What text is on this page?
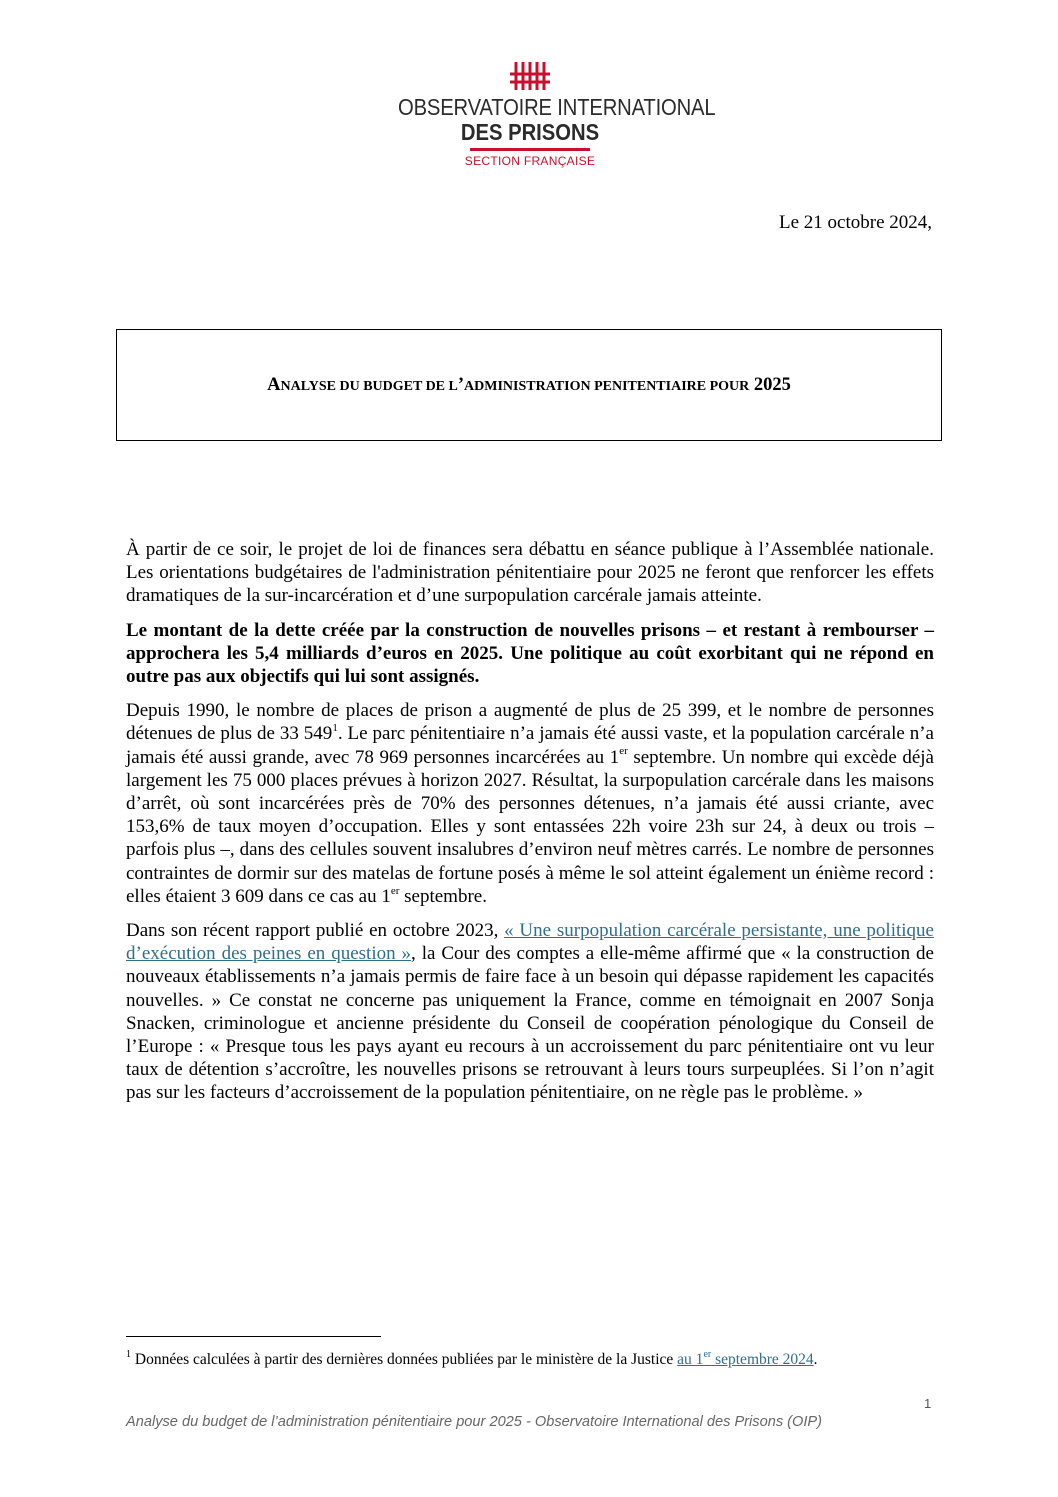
OBSERVATOIRE INTERNATIONAL
DES PRISONS
SECTION FRANÇAISE
Le 21 octobre 2024,
ANALYSE DU BUDGET DE L’ADMINISTRATION PENITENTIAIRE POUR 2025

À partir de ce soir, le projet de loi de finances sera débattu en séance publique à l’Assemblée nationale. Les orientations budgétaires de l'administration pénitentiaire pour 2025 ne feront que renforcer les effets dramatiques de la sur-incarcération et d’une surpopulation carcérale jamais atteinte.

Le montant de la dette créée par la construction de nouvelles prisons – et restant à rembourser – approchera les 5,4 milliards d’euros en 2025. Une politique au coût exorbitant qui ne répond en outre pas aux objectifs qui lui sont assignés.

Depuis 1990, le nombre de places de prison a augmenté de plus de 25 399, et le nombre de personnes détenues de plus de 33 $549^1$. Le parc pénitentiaire n’a jamais été aussi vaste, et la population carcérale n’a jamais été aussi grande, avec 78 969 personnes incarcérées au 1er septembre. Un nombre qui excède déjà largement les 75 000 places prévues à horizon 2027. Résultat, la surpopulation carcérale dans les maisons d’arrêt, où sont incarcérées près de 70% des personnes détenues, n’a jamais été aussi criante, avec 153,6% de taux moyen d’occupation. Elles y sont entassées 22h voire 23h sur 24, à deux ou trois – parfois plus –, dans des cellules souvent insalubres d’environ neuf mètres carrés. Le nombre de personnes contraintes de dormir sur des matelas de fortune posés à même le sol atteint également un énième record : elles étaient 3 609 dans ce cas au 1er septembre.

Dans son récent rapport publié en octobre 2023, « Une surpopulation carcérale persistante, une politique d’exécution des peines en question », la Cour des comptes a elle-même affirmé que « la construction de nouveaux établissements n’a jamais permis de faire face à un besoin qui dépasse rapidement les capacités nouvelles. » Ce constat ne concerne pas uniquement la France, comme en témoignait en 2007 Sonja Snacken, criminologue et ancienne présidente du Conseil de coopération pénologique du Conseil de l’Europe : « Presque tous les pays ayant eu recours à un accroissement du parc pénitentiaire ont vu leur taux de détention s’accroître, les nouvelles prisons se retrouvant à leurs tours surpeuplées. Si l’on n’agit pas sur les facteurs d’accroissement de la population pénitentiaire, on ne règle pas le problème. »

$^1$ Données calculées à partir des dernières données publiées par le ministère de la Justice au 1er septembre 2024.
1
Analyse du budget de l’administration pénitentiaire pour 2025 - Observatoire International des Prisons (OIP)
